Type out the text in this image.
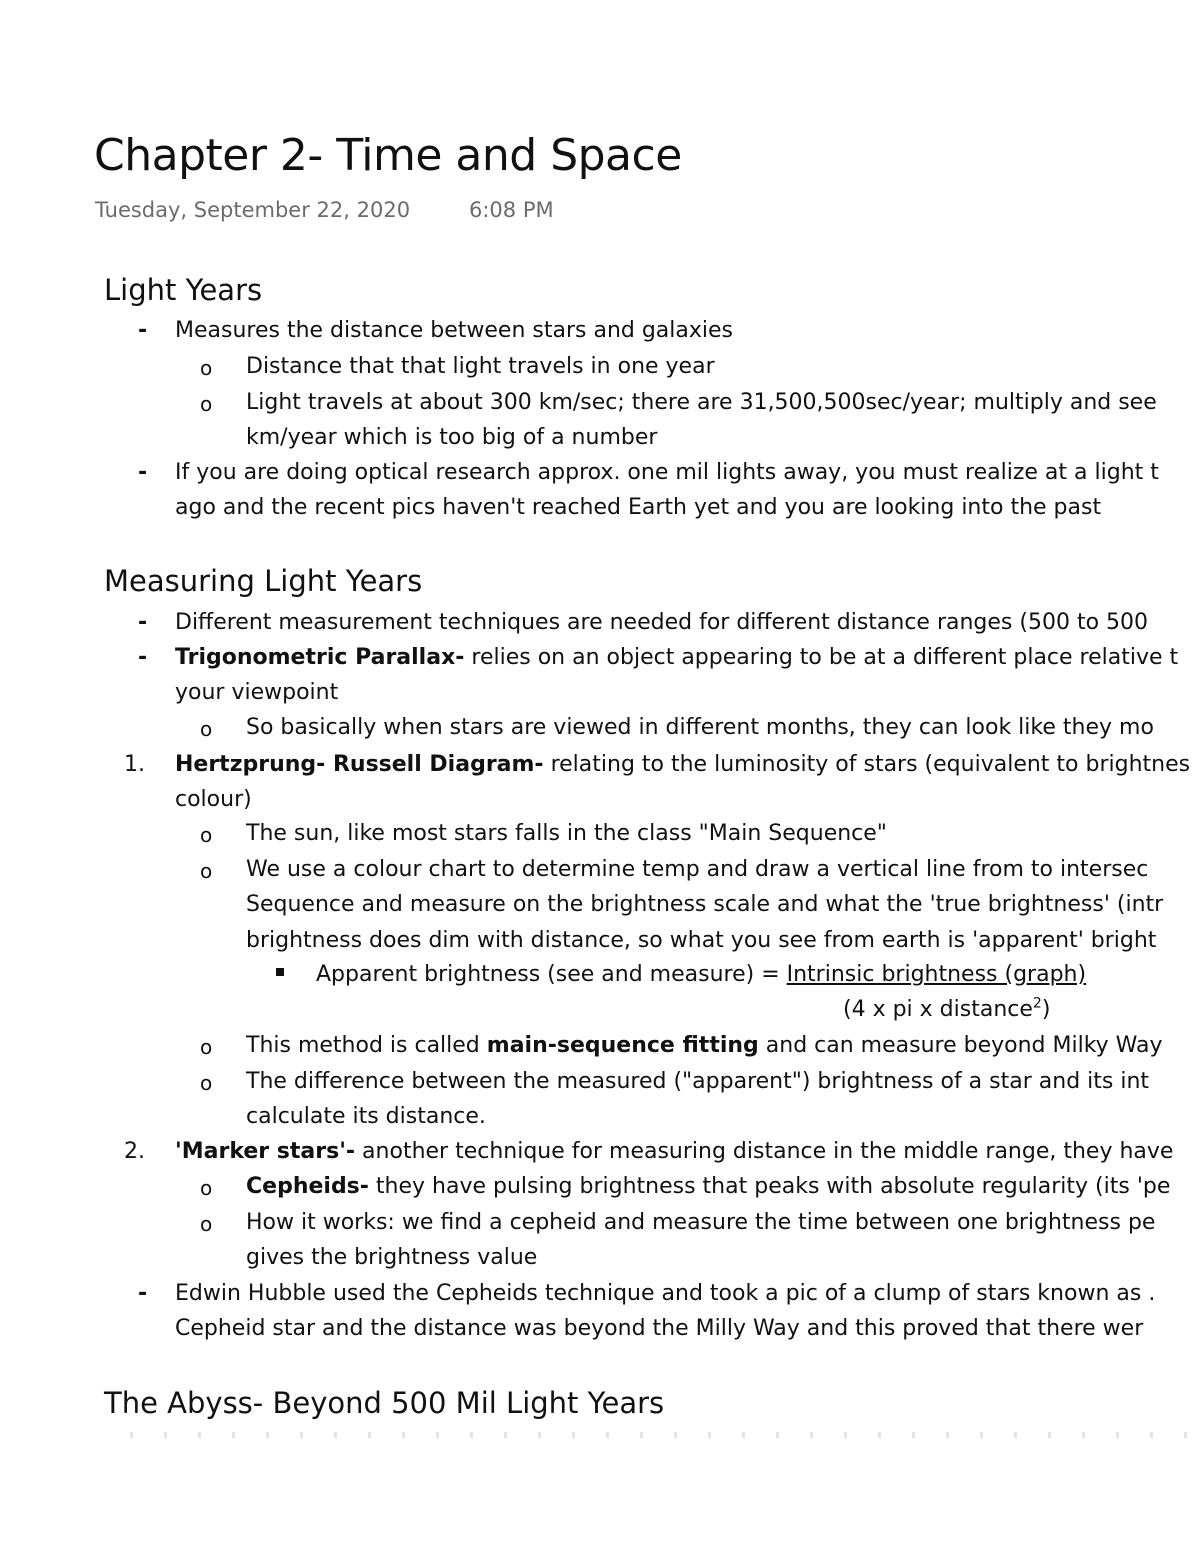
Chapter 2- Time and Space
Tuesday, September 22, 2020	6:08 PM
Light Years
- Measures the distance between stars and galaxies
o Distance that that light travels in one year
o Light travels at about 300 km/sec; there are 31,500,500sec/year; multiply and see
km/year which is too big of a number
- If you are doing optical research approx. one mil lights away, you must realize at a light t
ago and the recent pics haven't reached Earth yet and you are looking into the past
Measuring Light Years
- Different measurement techniques are needed for different distance ranges (500 to 500
- Trigonometric Parallax- relies on an object appearing to be at a different place relative t
your viewpoint
o So basically when stars are viewed in different months, they can look like they mo
1. Hertzprung- Russell Diagram- relating to the luminosity of stars (equivalent to brightnes
colour)
o The sun, like most stars falls in the class "Main Sequence"
o We use a colour chart to determine temp and draw a vertical line from to intersec
Sequence and measure on the brightness scale and what the 'true brightness' (intr
brightness does dim with distance, so what you see from earth is 'apparent' bright
Apparent brightness (see and measure) = Intrinsic brightness (graph)
(4 x pi x distance$^2$)
o This method is called main-sequence fitting and can measure beyond Milky Way
o The difference between the measured ("apparent") brightness of a star and its int
calculate its distance.
2. 'Marker stars'- another technique for measuring distance in the middle range, they have
o Cepheids- they have pulsing brightness that peaks with absolute regularity (its 'pe
o How it works: we find a cepheid and measure the time between one brightness pe
gives the brightness value
- Edwin Hubble used the Cepheids technique and took a pic of a clump of stars known as .
Cepheid star and the distance was beyond the Milly Way and this proved that there wer
The Abyss- Beyond 500 Mil Light Years
